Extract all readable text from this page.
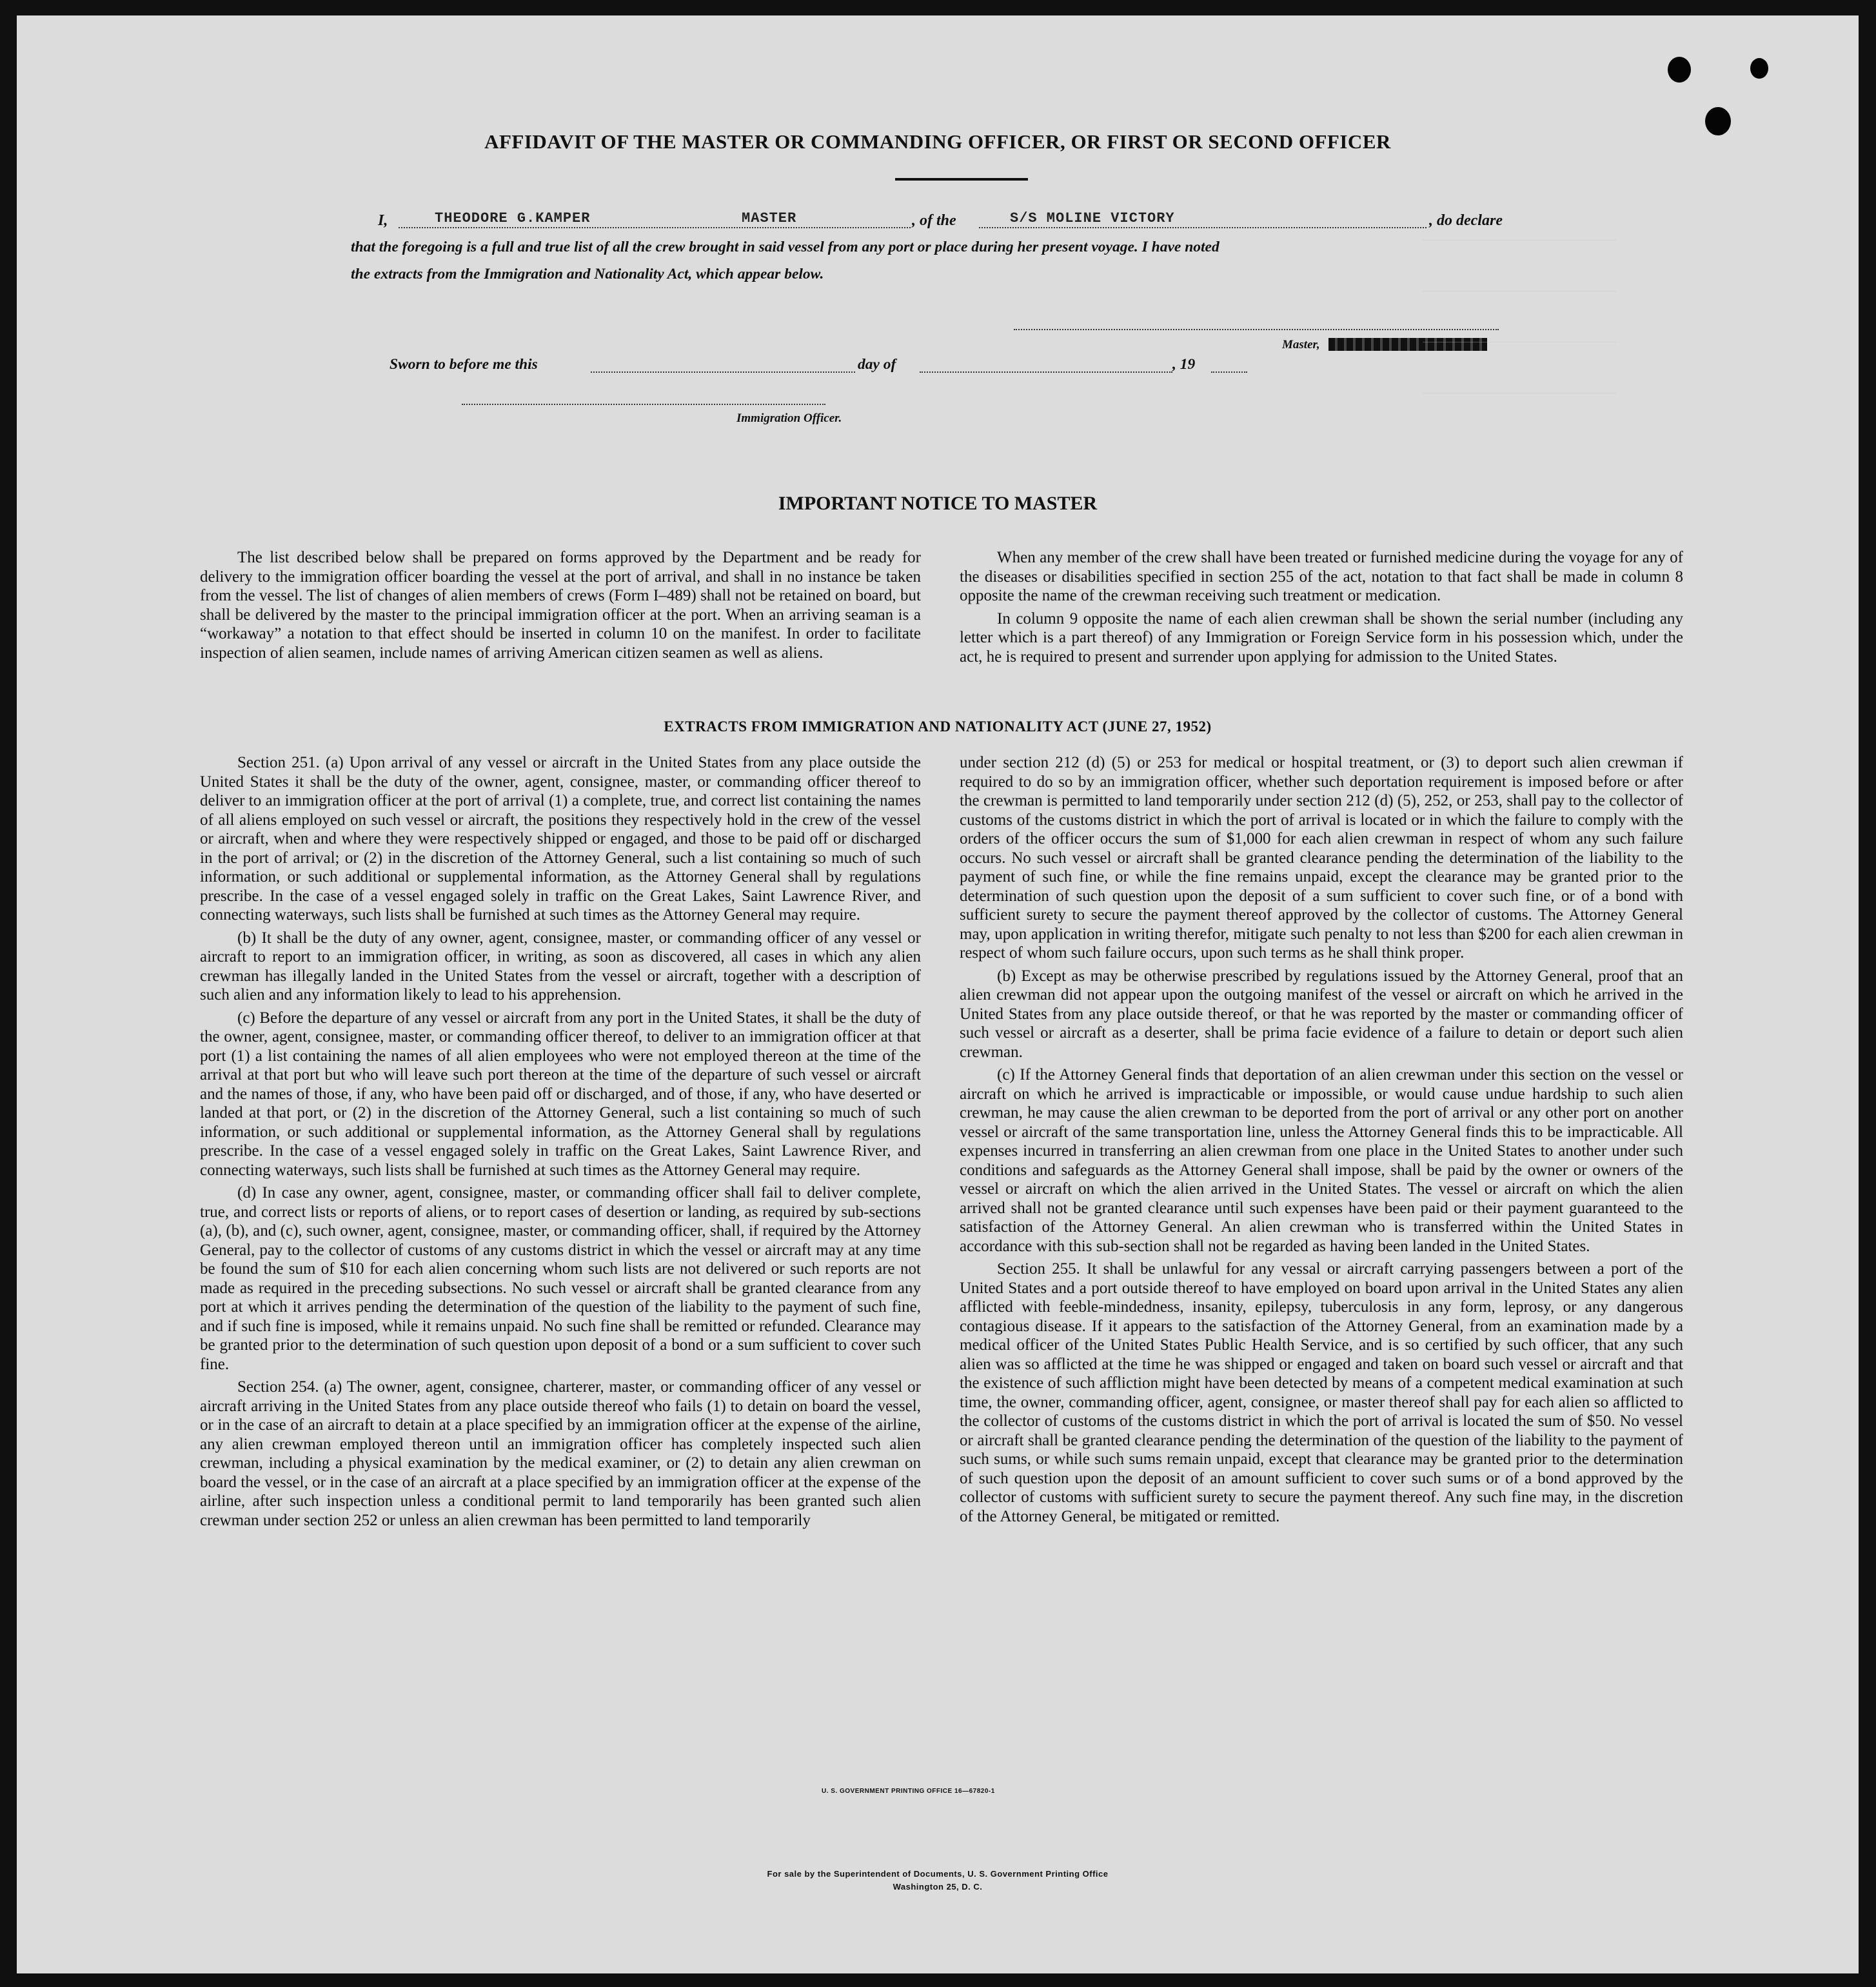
AFFIDAVIT OF THE MASTER OR COMMANDING OFFICER, OR FIRST OR SECOND OFFICER
I,	THEODORE G.KAMPER	MASTER	, of the	S/S MOLINE VICTORY	, do declare
that the foregoing is a full and true list of all the crew brought in said vessel from any port or place during her present voyage. I have noted
the extracts from the Immigration and Nationality Act, which appear below.
Master,
Sworn to before me this	day of	, 19
Immigration Officer.
IMPORTANT NOTICE TO MASTER

The list described below shall be prepared on forms approved by the Department and be ready for delivery to the immigration officer boarding the vessel at the port of arrival, and shall in no instance be taken from the vessel. The list of changes of alien members of crews (Form I–489) shall not be retained on board, but shall be delivered by the master to the principal immigration officer at the port. When an arriving seaman is a “workaway” a notation to that effect should be inserted in column 10 on the manifest. In order to facilitate inspection of alien seamen, include names of arriving American citizen seamen as well as aliens.

When any member of the crew shall have been treated or furnished medicine during the voyage for any of the diseases or disabilities specified in section 255 of the act, notation to that fact shall be made in column 8 opposite the name of the crewman receiving such treatment or medication.

In column 9 opposite the name of each alien crewman shall be shown the serial number (including any letter which is a part thereof) of any Immigration or Foreign Service form in his possession which, under the act, he is required to present and surrender upon applying for admission to the United States.

EXTRACTS FROM IMMIGRATION AND NATIONALITY ACT (JUNE 27, 1952)

Section 251. (a) Upon arrival of any vessel or aircraft in the United States from any place outside the United States it shall be the duty of the owner, agent, consignee, master, or commanding officer thereof to deliver to an immigration officer at the port of arrival (1) a complete, true, and correct list containing the names of all aliens employed on such vessel or aircraft, the positions they respectively hold in the crew of the vessel or aircraft, when and where they were respectively shipped or engaged, and those to be paid off or discharged in the port of arrival; or (2) in the discretion of the Attorney General, such a list containing so much of such information, or such additional or supplemental information, as the Attorney General shall by regulations prescribe. In the case of a vessel engaged solely in traffic on the Great Lakes, Saint Lawrence River, and connecting waterways, such lists shall be furnished at such times as the Attorney General may require.

(b) It shall be the duty of any owner, agent, consignee, master, or commanding officer of any vessel or aircraft to report to an immigration officer, in writing, as soon as discovered, all cases in which any alien crewman has illegally landed in the United States from the vessel or aircraft, together with a description of such alien and any information likely to lead to his apprehension.

(c) Before the departure of any vessel or aircraft from any port in the United States, it shall be the duty of the owner, agent, consignee, master, or commanding officer thereof, to deliver to an immigration officer at that port (1) a list containing the names of all alien employees who were not employed thereon at the time of the arrival at that port but who will leave such port thereon at the time of the departure of such vessel or aircraft and the names of those, if any, who have been paid off or discharged, and of those, if any, who have deserted or landed at that port, or (2) in the discretion of the Attorney General, such a list containing so much of such information, or such additional or supplemental information, as the Attorney General shall by regulations prescribe. In the case of a vessel engaged solely in traffic on the Great Lakes, Saint Lawrence River, and connecting waterways, such lists shall be furnished at such times as the Attorney General may require.

(d) In case any owner, agent, consignee, master, or commanding officer shall fail to deliver complete, true, and correct lists or reports of aliens, or to report cases of desertion or landing, as required by sub-sections (a), (b), and (c), such owner, agent, consignee, master, or commanding officer, shall, if required by the Attorney General, pay to the collector of customs of any customs district in which the vessel or aircraft may at any time be found the sum of $10 for each alien concerning whom such lists are not delivered or such reports are not made as required in the preceding subsections. No such vessel or aircraft shall be granted clearance from any port at which it arrives pending the determination of the question of the liability to the payment of such fine, and if such fine is imposed, while it remains unpaid. No such fine shall be remitted or refunded. Clearance may be granted prior to the determination of such question upon deposit of a bond or a sum sufficient to cover such fine.

Section 254. (a) The owner, agent, consignee, charterer, master, or commanding officer of any vessel or aircraft arriving in the United States from any place outside thereof who fails (1) to detain on board the vessel, or in the case of an aircraft to detain at a place specified by an immigration officer at the expense of the airline, any alien crewman employed thereon until an immigration officer has completely inspected such alien crewman, including a physical examination by the medical examiner, or (2) to detain any alien crewman on board the vessel, or in the case of an aircraft at a place specified by an immigration officer at the expense of the airline, after such inspection unless a conditional permit to land temporarily has been granted such alien crewman under section 252 or unless an alien crewman has been permitted to land temporarily

under section 212 (d) (5) or 253 for medical or hospital treatment, or (3) to deport such alien crewman if required to do so by an immigration officer, whether such deportation requirement is imposed before or after the crewman is permitted to land temporarily under section 212 (d) (5), 252, or 253, shall pay to the collector of customs of the customs district in which the port of arrival is located or in which the failure to comply with the orders of the officer occurs the sum of $1,000 for each alien crewman in respect of whom any such failure occurs. No such vessel or aircraft shall be granted clearance pending the determination of the liability to the payment of such fine, or while the fine remains unpaid, except the clearance may be granted prior to the determination of such question upon the deposit of a sum sufficient to cover such fine, or of a bond with sufficient surety to secure the payment thereof approved by the collector of customs. The Attorney General may, upon application in writing therefor, mitigate such penalty to not less than $200 for each alien crewman in respect of whom such failure occurs, upon such terms as he shall think proper.

(b) Except as may be otherwise prescribed by regulations issued by the Attorney General, proof that an alien crewman did not appear upon the outgoing manifest of the vessel or aircraft on which he arrived in the United States from any place outside thereof, or that he was reported by the master or commanding officer of such vessel or aircraft as a deserter, shall be prima facie evidence of a failure to detain or deport such alien crewman.

(c) If the Attorney General finds that deportation of an alien crewman under this section on the vessel or aircraft on which he arrived is impracticable or impossible, or would cause undue hardship to such alien crewman, he may cause the alien crewman to be deported from the port of arrival or any other port on another vessel or aircraft of the same transportation line, unless the Attorney General finds this to be impracticable. All expenses incurred in transferring an alien crewman from one place in the United States to another under such conditions and safeguards as the Attorney General shall impose, shall be paid by the owner or owners of the vessel or aircraft on which the alien arrived in the United States. The vessel or aircraft on which the alien arrived shall not be granted clearance until such expenses have been paid or their payment guaranteed to the satisfaction of the Attorney General. An alien crewman who is transferred within the United States in accordance with this sub-section shall not be regarded as having been landed in the United States.

Section 255. It shall be unlawful for any vessal or aircraft carrying passengers between a port of the United States and a port outside thereof to have employed on board upon arrival in the United States any alien afflicted with feeble-mindedness, insanity, epilepsy, tuberculosis in any form, leprosy, or any dangerous contagious disease. If it appears to the satisfaction of the Attorney General, from an examination made by a medical officer of the United States Public Health Service, and is so certified by such officer, that any such alien was so afflicted at the time he was shipped or engaged and taken on board such vessel or aircraft and that the existence of such affliction might have been detected by means of a competent medical examination at such time, the owner, commanding officer, agent, consignee, or master thereof shall pay for each alien so afflicted to the collector of customs of the customs district in which the port of arrival is located the sum of $50. No vessel or aircraft shall be granted clearance pending the determination of the question of the liability to the payment of such sums, or while such sums remain unpaid, except that clearance may be granted prior to the determination of such question upon the deposit of an amount sufficient to cover such sums or of a bond approved by the collector of customs with sufficient surety to secure the payment thereof. Any such fine may, in the discretion of the Attorney General, be mitigated or remitted.

U. S. GOVERNMENT PRINTING OFFICE 16—67820-1
For sale by the Superintendent of Documents, U. S. Government Printing Office
Washington 25, D. C.
